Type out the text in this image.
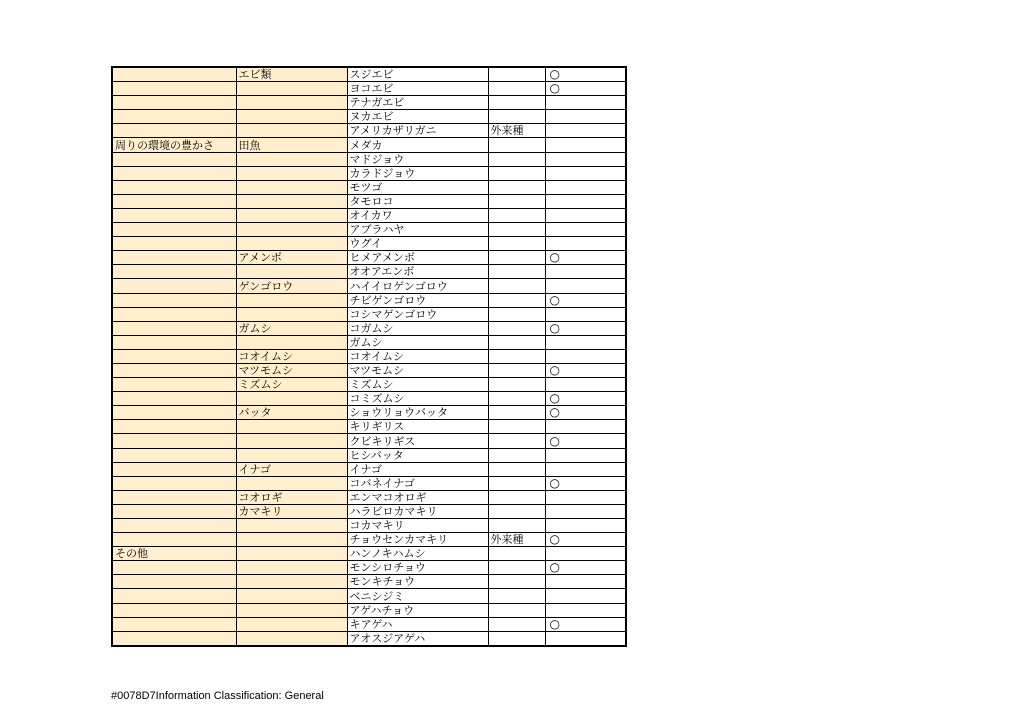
	エビ類	スジエビ		○
		ヨコエビ		○
		テナガエビ		
		ヌカエビ		
		アメリカザリガニ	外来種	
周りの環境の豊かさ	田魚	メダカ		
		マドジョウ		
		カラドジョウ		
		モツゴ		
		タモロコ		
		オイカワ		
		アブラハヤ		
		ウグイ		
	アメンボ	ヒメアメンボ		○
		オオアエンボ		
	ゲンゴロウ	ハイイロゲンゴロウ		
		チビゲンゴロウ		○
		コシマゲンゴロウ		
	ガムシ	コガムシ		○
		ガムシ		
	コオイムシ	コオイムシ		
	マツモムシ	マツモムシ		○
	ミズムシ	ミズムシ		
		コミズムシ		○
	バッタ	ショウリョウバッタ		○
		キリギリス		
		クビキリギス		○
		ヒシバッタ		
	イナゴ	イナゴ		
		コバネイナゴ		○
	コオロギ	エンマコオロギ		
	カマキリ	ハラビロカマキリ		
		コカマキリ		
		チョウセンカマキリ	外来種	○
その他		ハンノキハムシ		
		モンシロチョウ		○
		モンキチョウ		
		ベニシジミ		
		アゲハチョウ		
		キアゲハ		○
		アオスジアゲハ		
#0078D7Information Classification: General
